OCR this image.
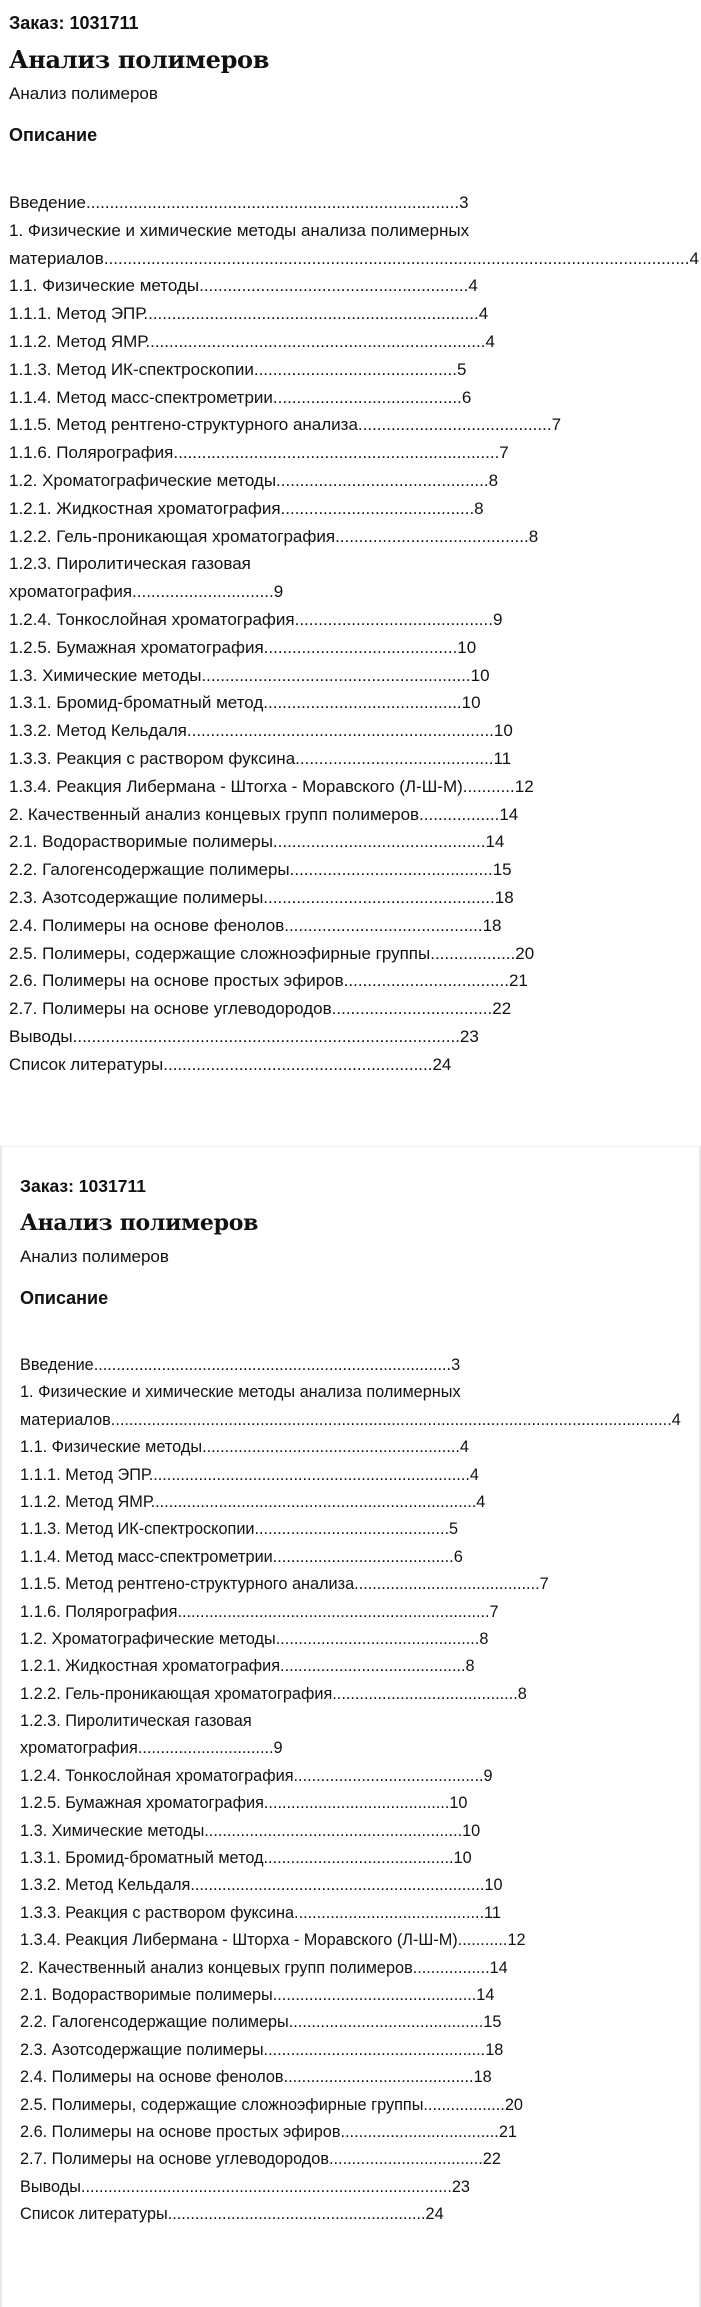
Заказ: 1031711

Анализ полимеров

Анализ полимеров

Описание
Введение...............................................................................3
1. Физические и химические методы анализа полимерных
материалов............................................................................................................................4
1.1. Физические методы.........................................................4
1.1.1. Метод ЭПР.......................................................................4
1.1.2. Метод ЯМР........................................................................4
1.1.3. Метод ИК-спектроскопии...........................................5
1.1.4. Метод масс-спектрометрии........................................6
1.1.5. Метод рентгено-структурного анализа.........................................7
1.1.6. Полярография.....................................................................7
1.2. Хроматографические методы.............................................8
1.2.1. Жидкостная хроматография.........................................8
1.2.2. Гель-проникающая хроматография.........................................8
1.2.3. Пиролитическая газовая
хроматография..............................9
1.2.4. Тонкослойная хроматография..........................................9
1.2.5. Бумажная хроматография.........................................10
1.3. Химические методы.........................................................10
1.3.1. Бромид-броматный метод..........................................10
1.3.2. Метод Кельдаля.................................................................10
1.3.3. Реакция с раствором фуксина..........................................11
1.3.4. Реакция Либермана - Штorxa - Моравского (Л-Ш-М)...........12
2. Качественный анализ концевых групп полимеров.................14
2.1. Водорастворимые полимеры.............................................14
2.2. Галогенсодержащие полимеры...........................................15
2.3. Азотсодержащие полимеры.................................................18
2.4. Полимеры на основе фенолов..........................................18
2.5. Полимеры, содержащие сложноэфирные группы..................20
2.6. Полимеры на основе простых эфиров...................................21
2.7. Полимеры на основе углеводородов..................................22
Выводы..................................................................................23
Список литературы.........................................................24

Заказ: 1031711

Анализ полимеров

Анализ полимеров

Описание
Введение...............................................................................3
1. Физические и химические методы анализа полимерных
материалов............................................................................................................................4
1.1. Физические методы.........................................................4
1.1.1. Метод ЭПР.......................................................................4
1.1.2. Метод ЯМР........................................................................4
1.1.3. Метод ИК-спектроскопии...........................................5
1.1.4. Метод масс-спектрометрии........................................6
1.1.5. Метод рентгено-структурного анализа.........................................7
1.1.6. Полярография.....................................................................7
1.2. Хроматографические методы.............................................8
1.2.1. Жидкостная хроматография.........................................8
1.2.2. Гель-проникающая хроматография.........................................8
1.2.3. Пиролитическая газовая
хроматография..............................9
1.2.4. Тонкослойная хроматография..........................................9
1.2.5. Бумажная хроматография.........................................10
1.3. Химические методы.........................................................10
1.3.1. Бромид-броматный метод..........................................10
1.3.2. Метод Кельдаля.................................................................10
1.3.3. Реакция с раствором фуксина..........................................11
1.3.4. Реакция Либермана - Шторха - Моравского (Л-Ш-М)...........12
2. Качественный анализ концевых групп полимеров.................14
2.1. Водорастворимые полимеры.............................................14
2.2. Галогенсодержащие полимеры...........................................15
2.3. Азотсодержащие полимеры.................................................18
2.4. Полимеры на основе фенолов..........................................18
2.5. Полимеры, содержащие сложноэфирные группы..................20
2.6. Полимеры на основе простых эфиров...................................21
2.7. Полимеры на основе углеводородов..................................22
Выводы..................................................................................23
Список литературы.........................................................24
